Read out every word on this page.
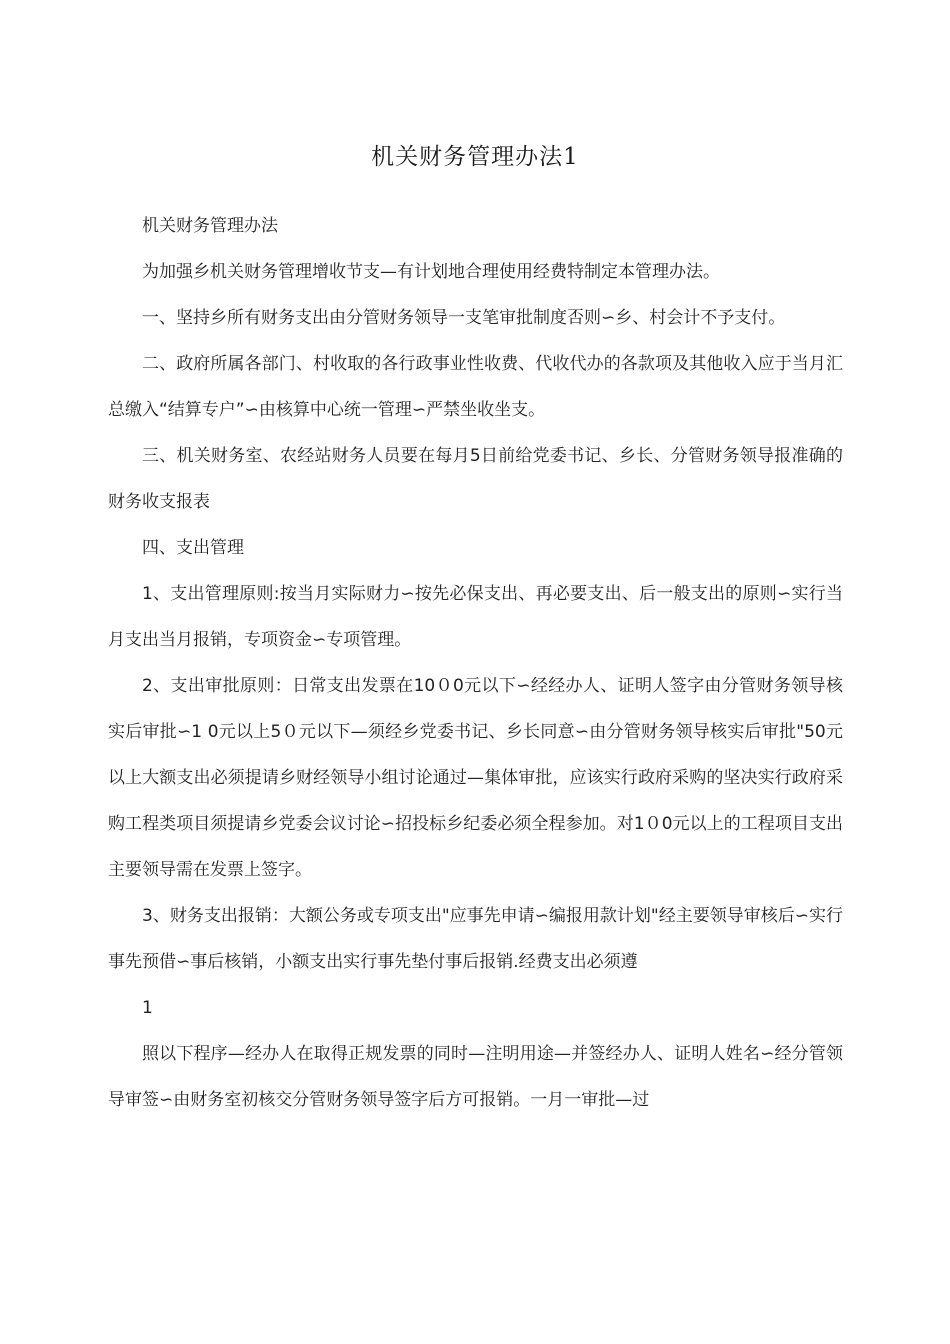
机关财务管理办法1

机关财务管理办法

为加强乡机关财务管理增收节支—有计划地合理使用经费特制定本管理办法。

一、坚持乡所有财务支出由分管财务领导一支笔审批制度否则∽乡、村会计不予支付。

二、政府所属各部门、村收取的各行政事业性收费、代收代办的各款项及其他收入应于当月汇总缴入“结算专户”∽由核算中心统一管理∽严禁坐收坐支。

三、机关财务室、农经站财务人员要在每月5日前给党委书记、乡长、分管财务领导报准确的财务收支报表

四、支出管理

1、支出管理原则:按当月实际财力∽按先必保支出、再必要支出、后一般支出的原则∽实行当月支出当月报销，专项资金∽专项管理。

2、支出审批原则：日常支出发票在10０0元以下∽经经办人、证明人签字由分管财务领导核实后审批∽1 0元以上5０元以下—须经乡党委书记、乡长同意∽由分管财务领导核实后审批"50元以上大额支出必须提请乡财经领导小组讨论通过—集体审批，应该实行政府采购的坚决实行政府采购工程类项目须提请乡党委会议讨论∽招投标乡纪委必须全程参加。对1０0元以上的工程项目支出主要领导需在发票上签字。

3、财务支出报销：大额公务或专项支出"应事先申请∽编报用款计划"经主要领导审核后∽实行事先预借∽事后核销，小额支出实行事先垫付事后报销.经费支出必须遵

1

照以下程序—经办人在取得正规发票的同时—注明用途—并签经办人、证明人姓名∽经分管领导审签∽由财务室初核交分管财务领导签字后方可报销。一月一审批—过
